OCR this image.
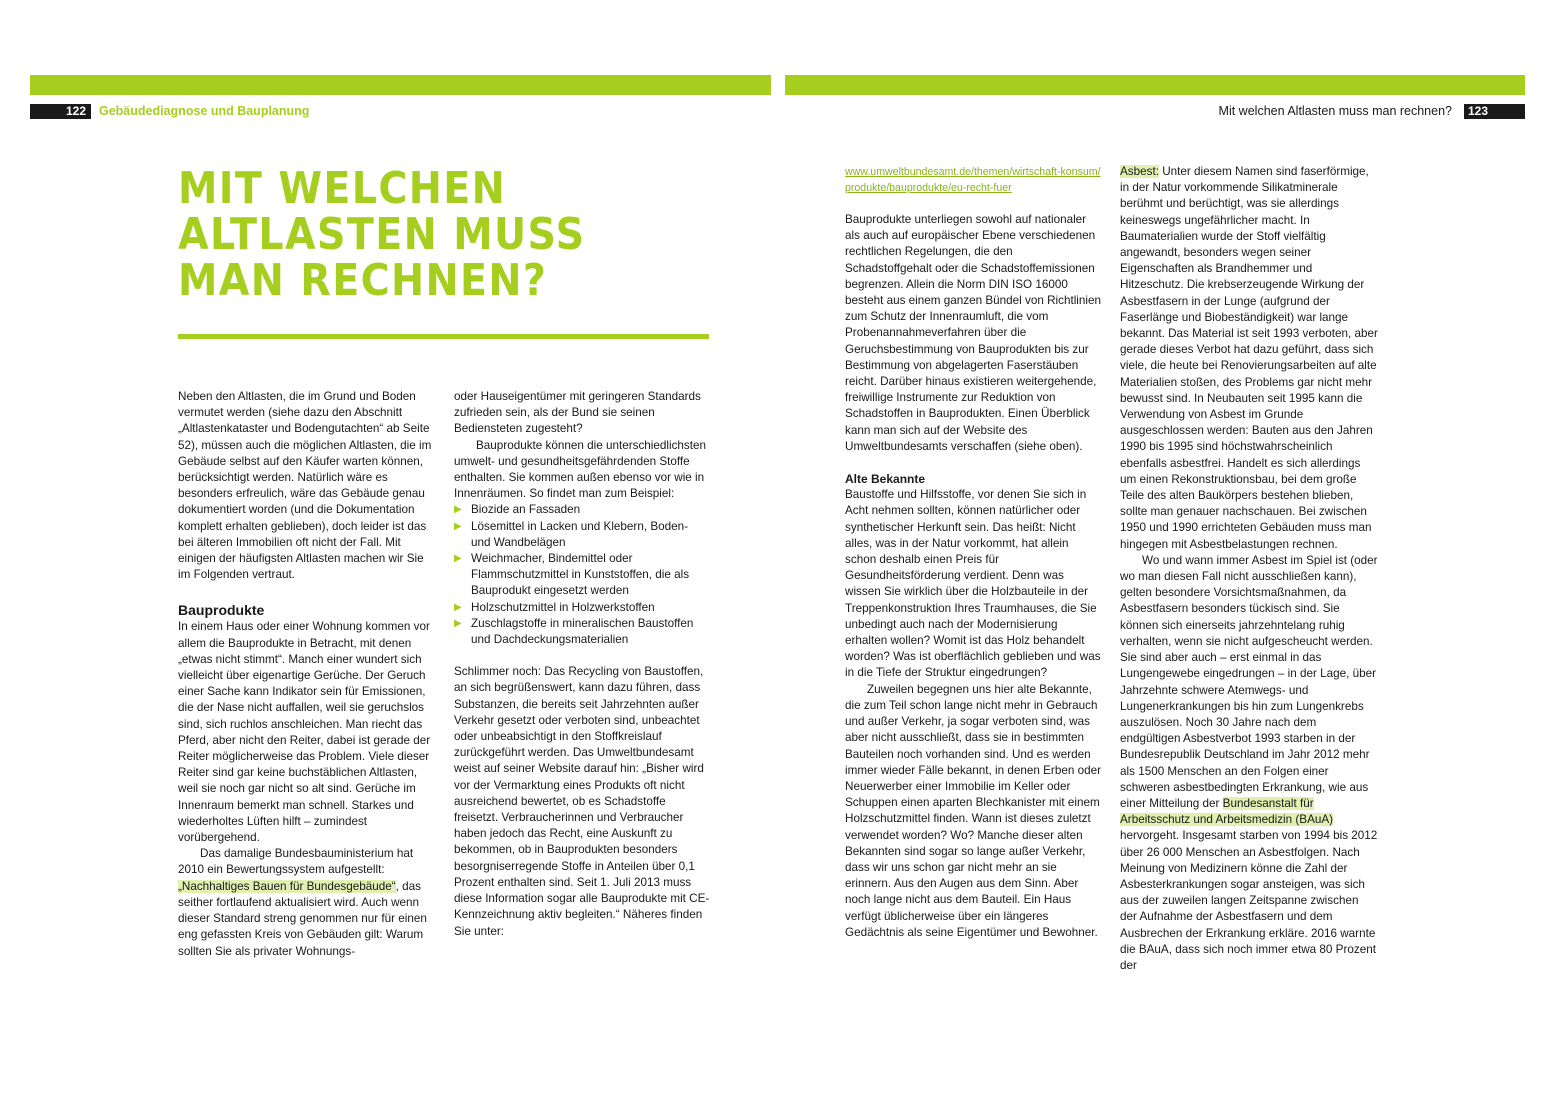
122	Gebäudediagnose und Bauplanung	Mit welchen Altlasten muss man rechnen?	123
MIT WELCHEN
ALTLASTEN MUSS
MAN RECHNEN?

Neben den Altlasten, die im Grund und Boden vermutet werden (siehe dazu den Abschnitt „Altlastenkataster und Bodengutachten“ ab Seite 52), müssen auch die möglichen Altlasten, die im Gebäude selbst auf den Käufer warten können, berücksichtigt werden. Natürlich wäre es besonders erfreulich, wäre das Gebäude genau dokumentiert worden (und die Dokumentation komplett erhalten geblieben), doch leider ist das bei älteren Immobilien oft nicht der Fall. Mit einigen der häufigsten Altlasten machen wir Sie im Folgenden vertraut.

Bauprodukte

In einem Haus oder einer Wohnung kommen vor allem die Bauprodukte in Betracht, mit denen „etwas nicht stimmt“. Manch einer wundert sich vielleicht über eigenartige Gerüche. Der Geruch einer Sache kann Indikator sein für Emissionen, die der Nase nicht auffallen, weil sie geruchslos sind, sich ruchlos anschleichen. Man riecht das Pferd, aber nicht den Reiter, dabei ist gerade der Reiter möglicherweise das Problem. Viele dieser Reiter sind gar keine buchstäblichen Altlasten, weil sie noch gar nicht so alt sind. Gerüche im Innenraum bemerkt man schnell. Starkes und wiederholtes Lüften hilft – zumindest vorübergehend.

Das damalige Bundesbauministerium hat 2010 ein Bewertungssystem aufgestellt: „Nachhaltiges Bauen für Bundesgebäude“, das seither fortlaufend aktualisiert wird. Auch wenn dieser Standard streng genommen nur für einen eng gefassten Kreis von Gebäuden gilt: Warum sollten Sie als privater Wohnungs-

oder Hauseigentümer mit geringeren Standards zufrieden sein, als der Bund sie seinen Bediensteten zugesteht?

Bauprodukte können die unterschiedlichsten umwelt- und gesundheitsgefährdenden Stoffe enthalten. Sie kommen außen ebenso vor wie in Innenräumen. So findet man zum Beispiel:

▶ Biozide an Fassaden
▶ Lösemittel in Lacken und Klebern, Boden- und Wandbelägen
▶ Weichmacher, Bindemittel oder Flammschutzmittel in Kunststoffen, die als Bauprodukt eingesetzt werden
▶ Holzschutzmittel in Holzwerkstoffen
▶ Zuschlagstoffe in mineralischen Baustoffen und Dachdeckungsmaterialien

Schlimmer noch: Das Recycling von Baustoffen, an sich begrüßenswert, kann dazu führen, dass Substanzen, die bereits seit Jahrzehnten außer Verkehr gesetzt oder verboten sind, unbeachtet oder unbeabsichtigt in den Stoffkreislauf zurückgeführt werden. Das Umweltbundesamt weist auf seiner Website darauf hin: „Bisher wird vor der Vermarktung eines Produkts oft nicht ausreichend bewertet, ob es Schadstoffe freisetzt. Verbraucherinnen und Verbraucher haben jedoch das Recht, eine Auskunft zu bekommen, ob in Bauprodukten besonders besorgniserregende Stoffe in Anteilen über 0,1 Prozent enthalten sind. Seit 1. Juli 2013 muss diese Information sogar alle Bauprodukte mit CE-Kennzeichnung aktiv begleiten.“ Näheres finden Sie unter:

www.umweltbundesamt.de/themen/wirtschaft-konsum/
produkte/bauprodukte/eu-recht-fuer

Bauprodukte unterliegen sowohl auf nationaler als auch auf europäischer Ebene verschiedenen rechtlichen Regelungen, die den Schadstoffgehalt oder die Schadstoffemissionen begrenzen. Allein die Norm DIN ISO 16000 besteht aus einem ganzen Bündel von Richtlinien zum Schutz der Innenraumluft, die vom Probenannahmeverfahren über die Geruchsbestimmung von Bauprodukten bis zur Bestimmung von abgelagerten Faserstäuben reicht. Darüber hinaus existieren weitergehende, freiwillige Instrumente zur Reduktion von Schadstoffen in Bauprodukten. Einen Überblick kann man sich auf der Website des Umweltbundesamts verschaffen (siehe oben).

Alte Bekannte

Baustoffe und Hilfsstoffe, vor denen Sie sich in Acht nehmen sollten, können natürlicher oder synthetischer Herkunft sein. Das heißt: Nicht alles, was in der Natur vorkommt, hat allein schon deshalb einen Preis für Gesundheitsförderung verdient. Denn was wissen Sie wirklich über die Holzbauteile in der Treppenkonstruktion Ihres Traumhauses, die Sie unbedingt auch nach der Modernisierung erhalten wollen? Womit ist das Holz behandelt worden? Was ist oberflächlich geblieben und was in die Tiefe der Struktur eingedrungen?

Zuweilen begegnen uns hier alte Bekannte, die zum Teil schon lange nicht mehr in Gebrauch und außer Verkehr, ja sogar verboten sind, was aber nicht ausschließt, dass sie in bestimmten Bauteilen noch vorhanden sind. Und es werden immer wieder Fälle bekannt, in denen Erben oder Neuerwerber einer Immobilie im Keller oder Schuppen einen aparten Blechkanister mit einem Holzschutzmittel finden. Wann ist dieses zuletzt verwendet worden? Wo? Manche dieser alten Bekannten sind sogar so lange außer Verkehr, dass wir uns schon gar nicht mehr an sie erinnern. Aus den Augen aus dem Sinn. Aber noch lange nicht aus dem Bauteil. Ein Haus verfügt üblicherweise über ein längeres Gedächtnis als seine Eigentümer und Bewohner.

Asbest: Unter diesem Namen sind faserförmige, in der Natur vorkommende Silikatminerale berühmt und berüchtigt, was sie allerdings keineswegs ungefährlicher macht. In Baumaterialien wurde der Stoff vielfältig angewandt, besonders wegen seiner Eigenschaften als Brandhemmer und Hitzeschutz. Die krebserzeugende Wirkung der Asbestfasern in der Lunge (aufgrund der Faserlänge und Biobeständigkeit) war lange bekannt. Das Material ist seit 1993 verboten, aber gerade dieses Verbot hat dazu geführt, dass sich viele, die heute bei Renovierungsarbeiten auf alte Materialien stoßen, des Problems gar nicht mehr bewusst sind. In Neubauten seit 1995 kann die Verwendung von Asbest im Grunde ausgeschlossen werden: Bauten aus den Jahren 1990 bis 1995 sind höchstwahrscheinlich ebenfalls asbestfrei. Handelt es sich allerdings um einen Rekonstruktionsbau, bei dem große Teile des alten Baukörpers bestehen blieben, sollte man genauer nachschauen. Bei zwischen 1950 und 1990 errichteten Gebäuden muss man hingegen mit Asbestbelastungen rechnen.

Wo und wann immer Asbest im Spiel ist (oder wo man diesen Fall nicht ausschließen kann), gelten besondere Vorsichtsmaßnahmen, da Asbestfasern besonders tückisch sind. Sie können sich einerseits jahrzehntelang ruhig verhalten, wenn sie nicht aufgescheucht werden. Sie sind aber auch – erst einmal in das Lungengewebe eingedrungen – in der Lage, über Jahrzehnte schwere Atemwegs- und Lungenerkrankungen bis hin zum Lungenkrebs auszulösen. Noch 30 Jahre nach dem endgültigen Asbestverbot 1993 starben in der Bundesrepublik Deutschland im Jahr 2012 mehr als 1500 Menschen an den Folgen einer schweren asbestbedingten Erkrankung, wie aus einer Mitteilung der Bundesanstalt für Arbeitsschutz und Arbeitsmedizin (BAuA) hervorgeht. Insgesamt starben von 1994 bis 2012 über 26 000 Menschen an Asbestfolgen. Nach Meinung von Medizinern könne die Zahl der Asbesterkrankungen sogar ansteigen, was sich aus der zuweilen langen Zeitspanne zwischen der Aufnahme der Asbestfasern und dem Ausbrechen der Erkrankung erkläre. 2016 warnte die BAuA, dass sich noch immer etwa 80 Prozent der
